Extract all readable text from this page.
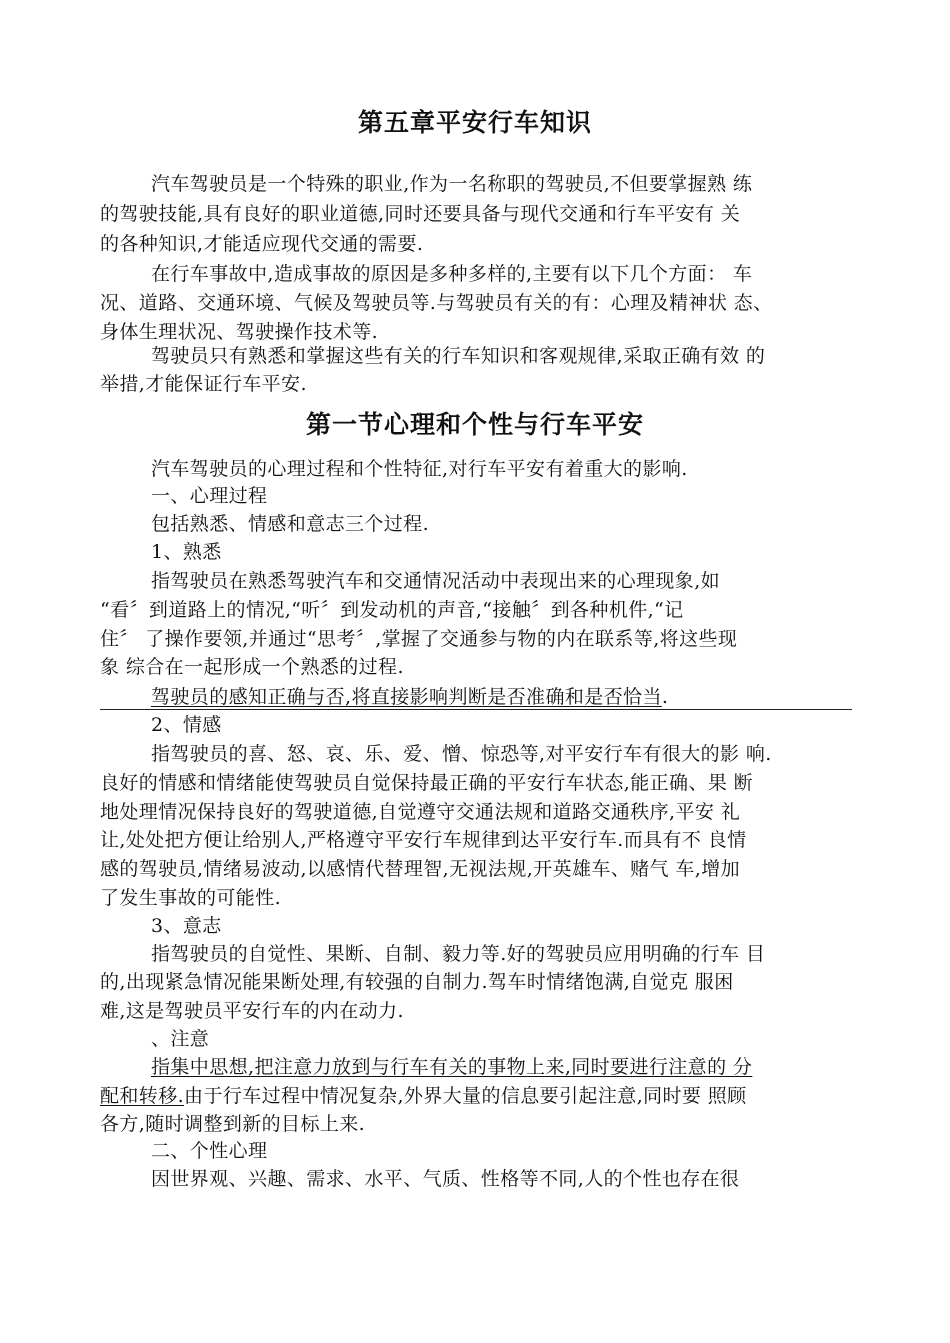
第五章平安行车知识
汽车驾驶员是一个特殊的职业,作为一名称职的驾驶员,不但要掌握熟 练
的驾驶技能,具有良好的职业道德,同时还要具备与现代交通和行车平安有 关
的各种知识,才能适应现代交通的需要.
在行车事故中,造成事故的原因是多种多样的,主要有以下几个方面： 车
况、道路、交通环境、气候及驾驶员等.与驾驶员有关的有：心理及精神状 态、
身体生理状况、驾驶操作技术等.
驾驶员只有熟悉和掌握这些有关的行车知识和客观规律,采取正确有效 的
举措,才能保证行车平安.
第一节心理和个性与行车平安
汽车驾驶员的心理过程和个性特征,对行车平安有着重大的影响.
一、心理过程
包括熟悉、情感和意志三个过程.
1、熟悉
指驾驶员在熟悉驾驶汽车和交通情况活动中表现出来的心理现象,如
“看〞到道路上的情况,“听〞到发动机的声音,“接触〞到各种机件,“记
住〞 了操作要领,并通过“思考〞,掌握了交通参与物的内在联系等,将这些现
象 综合在一起形成一个熟悉的过程.
驾驶员的感知正确与否,将直接影响判断是否准确和是否恰当.
2、情感
指驾驶员的喜、怒、哀、乐、爱、憎、惊恐等,对平安行车有很大的影 响.
良好的情感和情绪能使驾驶员自觉保持最正确的平安行车状态,能正确、果 断
地处理情况保持良好的驾驶道德,自觉遵守交通法规和道路交通秩序,平安 礼
让,处处把方便让给别人,严格遵守平安行车规律到达平安行车.而具有不 良情
感的驾驶员,情绪易波动,以感情代替理智,无视法规,开英雄车、赌气 车,增加
了发生事故的可能性.
3、意志
指驾驶员的自觉性、果断、自制、毅力等.好的驾驶员应用明确的行车 目
的,出现紧急情况能果断处理,有较强的自制力.驾车时情绪饱满,自觉克 服困
难,这是驾驶员平安行车的内在动力.
、注意
指集中思想,把注意力放到与行车有关的事物上来,同时要进行注意的 分
配和转移.由于行车过程中情况复杂,外界大量的信息要引起注意,同时要 照顾
各方,随时调整到新的目标上来.
二、个性心理
因世界观、兴趣、需求、水平、气质、性格等不同,人的个性也存在很
